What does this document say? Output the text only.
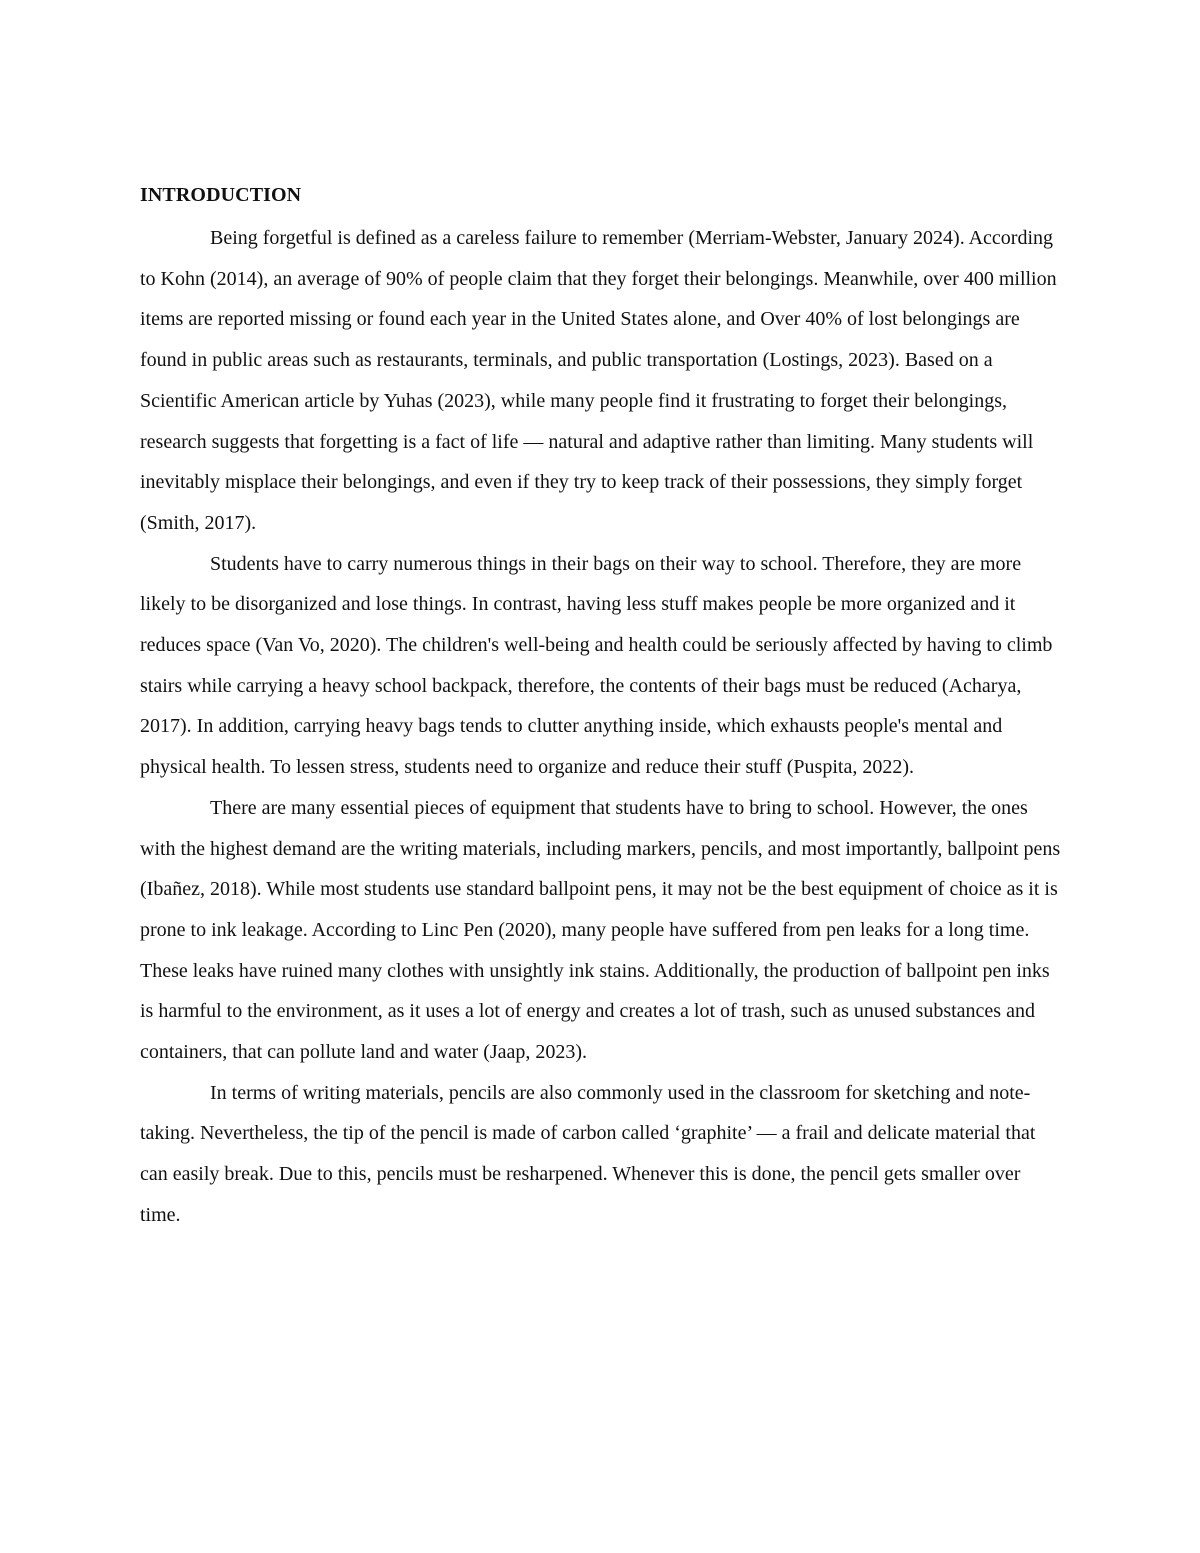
INTRODUCTION

Being forgetful is defined as a careless failure to remember (Merriam-Webster, January 2024). According to Kohn (2014), an average of 90% of people claim that they forget their belongings. Meanwhile, over 400 million items are reported missing or found each year in the United States alone, and Over 40% of lost belongings are found in public areas such as restaurants, terminals, and public transportation (Lostings, 2023). Based on a Scientific American article by Yuhas (2023), while many people find it frustrating to forget their belongings, research suggests that forgetting is a fact of life — natural and adaptive rather than limiting. Many students will inevitably misplace their belongings, and even if they try to keep track of their possessions, they simply forget (Smith, 2017).

Students have to carry numerous things in their bags on their way to school. Therefore, they are more likely to be disorganized and lose things. In contrast, having less stuff makes people be more organized and it reduces space (Van Vo, 2020). The children's well-being and health could be seriously affected by having to climb stairs while carrying a heavy school backpack, therefore, the contents of their bags must be reduced (Acharya, 2017). In addition, carrying heavy bags tends to clutter anything inside, which exhausts people's mental and physical health. To lessen stress, students need to organize and reduce their stuff (Puspita, 2022).

There are many essential pieces of equipment that students have to bring to school. However, the ones with the highest demand are the writing materials, including markers, pencils, and most importantly, ballpoint pens (Ibañez, 2018). While most students use standard ballpoint pens, it may not be the best equipment of choice as it is prone to ink leakage. According to Linc Pen (2020), many people have suffered from pen leaks for a long time. These leaks have ruined many clothes with unsightly ink stains. Additionally, the production of ballpoint pen inks is harmful to the environment, as it uses a lot of energy and creates a lot of trash, such as unused substances and containers, that can pollute land and water (Jaap, 2023).

In terms of writing materials, pencils are also commonly used in the classroom for sketching and note-taking. Nevertheless, the tip of the pencil is made of carbon called ‘graphite’ — a frail and delicate material that can easily break. Due to this, pencils must be resharpened. Whenever this is done, the pencil gets smaller over time.
